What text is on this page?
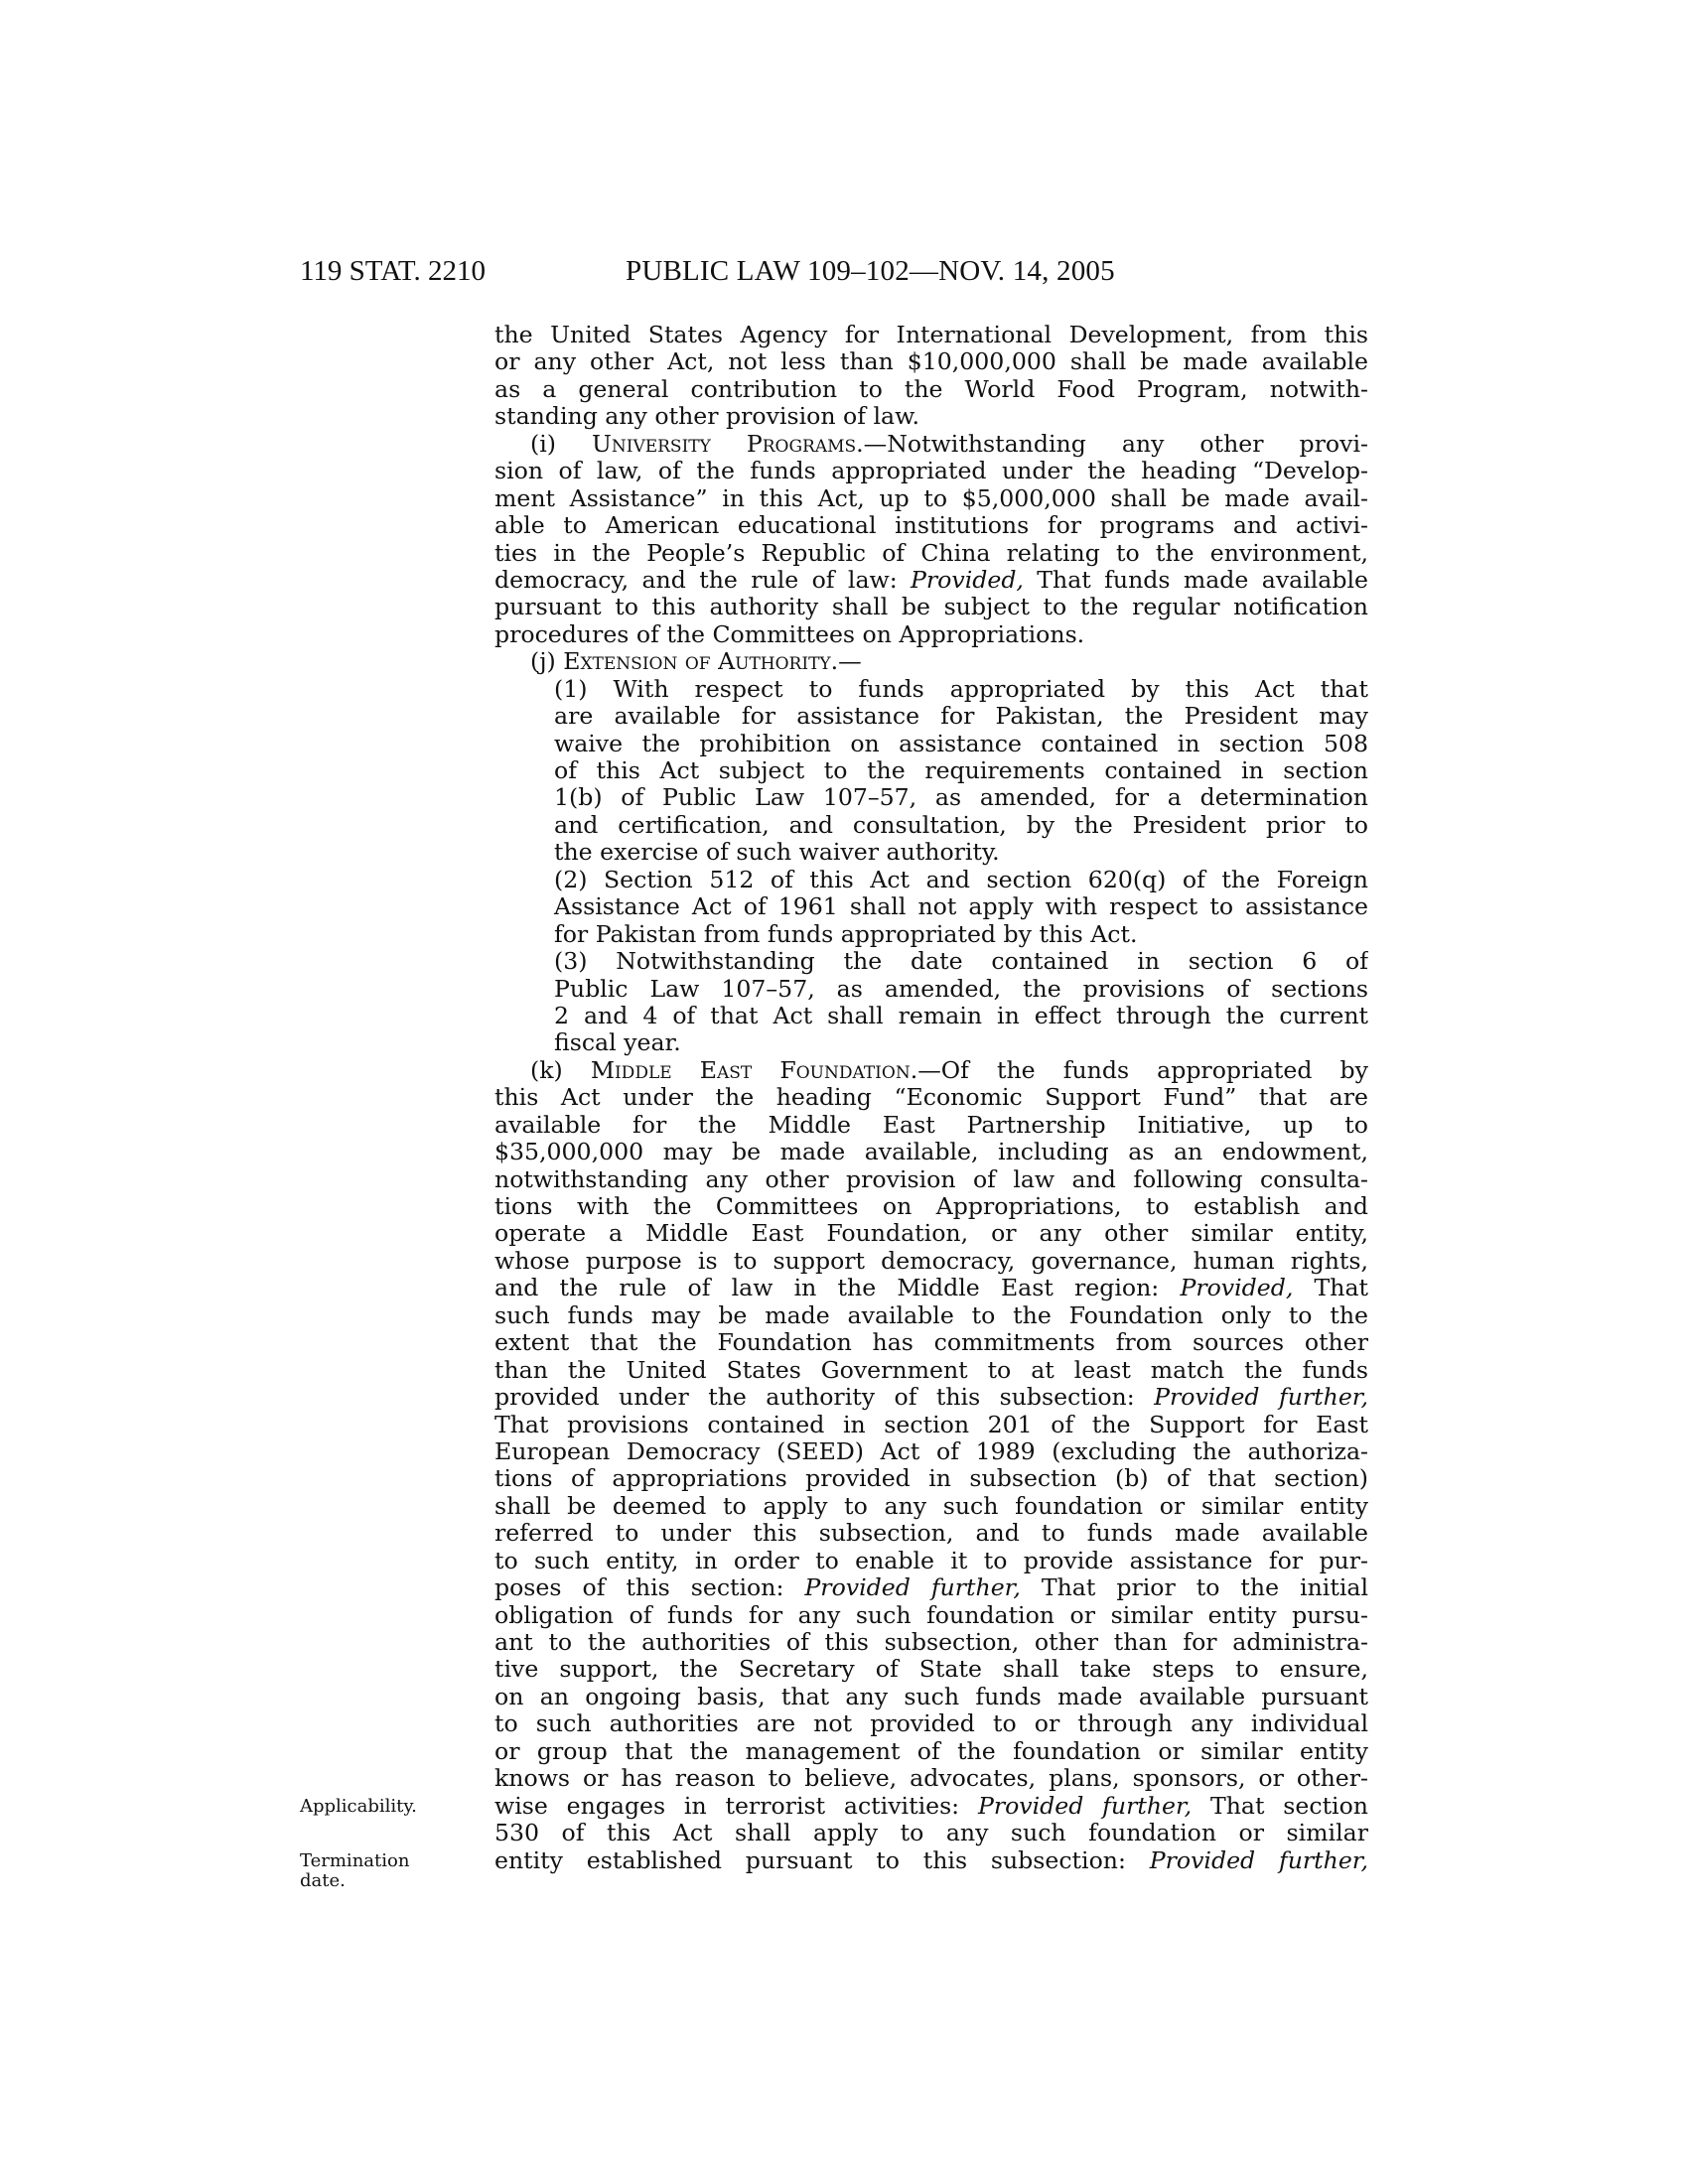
119 STAT. 2210	PUBLIC LAW 109–102—NOV. 14, 2005
Applicability.
Termination
date.
the United States Agency for International Development, from this
or any other Act, not less than $10,000,000 shall be made available
as a general contribution to the World Food Program, notwith-
standing any other provision of law.
(i) University Programs.—Notwithstanding any other provi-
sion of law, of the funds appropriated under the heading “Develop-
ment Assistance” in this Act, up to $5,000,000 shall be made avail-
able to American educational institutions for programs and activi-
ties in the People’s Republic of China relating to the environment,
democracy, and the rule of law: Provided, That funds made available
pursuant to this authority shall be subject to the regular notification
procedures of the Committees on Appropriations.
(j) Extension of Authority.—
(1) With respect to funds appropriated by this Act that
are available for assistance for Pakistan, the President may
waive the prohibition on assistance contained in section 508
of this Act subject to the requirements contained in section
1(b) of Public Law 107–57, as amended, for a determination
and certification, and consultation, by the President prior to
the exercise of such waiver authority.
(2) Section 512 of this Act and section 620(q) of the Foreign
Assistance Act of 1961 shall not apply with respect to assistance
for Pakistan from funds appropriated by this Act.
(3) Notwithstanding the date contained in section 6 of
Public Law 107–57, as amended, the provisions of sections
2 and 4 of that Act shall remain in effect through the current
fiscal year.
(k) Middle East Foundation.—Of the funds appropriated by
this Act under the heading “Economic Support Fund” that are
available for the Middle East Partnership Initiative, up to
$35,000,000 may be made available, including as an endowment,
notwithstanding any other provision of law and following consulta-
tions with the Committees on Appropriations, to establish and
operate a Middle East Foundation, or any other similar entity,
whose purpose is to support democracy, governance, human rights,
and the rule of law in the Middle East region: Provided, That
such funds may be made available to the Foundation only to the
extent that the Foundation has commitments from sources other
than the United States Government to at least match the funds
provided under the authority of this subsection: Provided further,
That provisions contained in section 201 of the Support for East
European Democracy (SEED) Act of 1989 (excluding the authoriza-
tions of appropriations provided in subsection (b) of that section)
shall be deemed to apply to any such foundation or similar entity
referred to under this subsection, and to funds made available
to such entity, in order to enable it to provide assistance for pur-
poses of this section: Provided further, That prior to the initial
obligation of funds for any such foundation or similar entity pursu-
ant to the authorities of this subsection, other than for administra-
tive support, the Secretary of State shall take steps to ensure,
on an ongoing basis, that any such funds made available pursuant
to such authorities are not provided to or through any individual
or group that the management of the foundation or similar entity
knows or has reason to believe, advocates, plans, sponsors, or other-
wise engages in terrorist activities: Provided further, That section
530 of this Act shall apply to any such foundation or similar
entity established pursuant to this subsection: Provided further,
